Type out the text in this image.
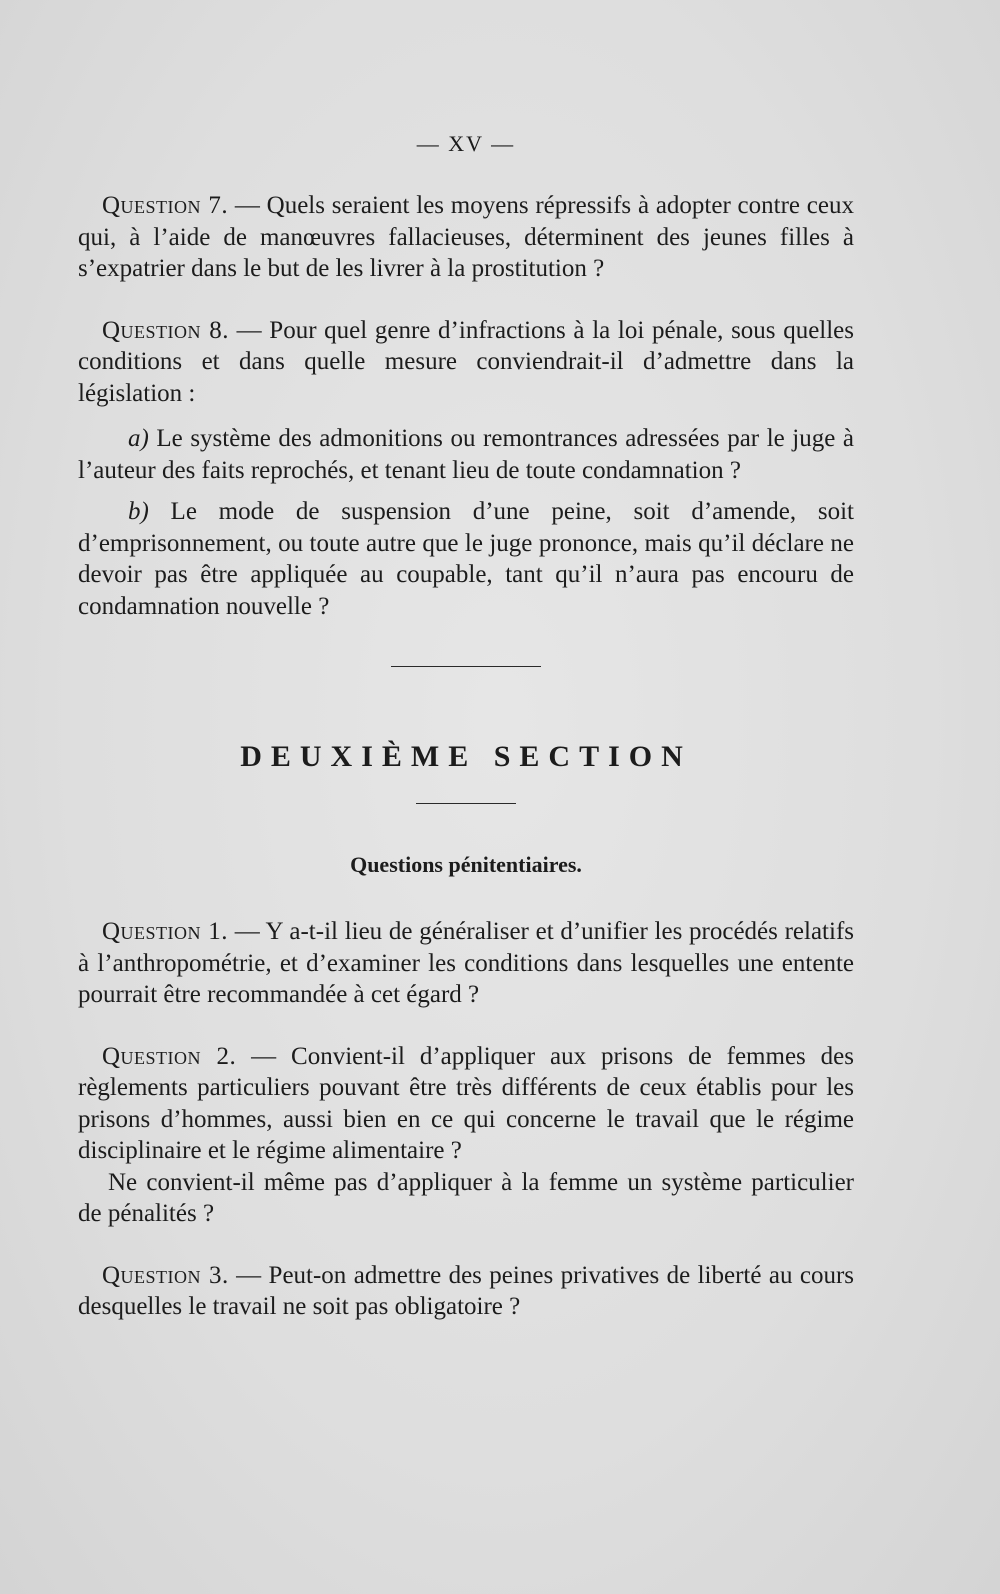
— XV —

Question 7. — Quels seraient les moyens répressifs à adopter contre ceux qui, à l’aide de manœuvres fallacieuses, déterminent des jeunes filles à s’expatrier dans le but de les livrer à la prostitution ?

Question 8. — Pour quel genre d’infractions à la loi pénale, sous quelles conditions et dans quelle mesure conviendrait-il d’admettre dans la législation :

a) Le système des admonitions ou remontrances adressées par le juge à l’auteur des faits reprochés, et tenant lieu de toute condamnation ?

b) Le mode de suspension d’une peine, soit d’amende, soit d’emprisonnement, ou toute autre que le juge prononce, mais qu’il déclare ne devoir pas être appliquée au coupable, tant qu’il n’aura pas encouru de condamnation nouvelle ?

DEUXIÈME SECTION
Questions pénitentiaires.

Question 1. — Y a-t-il lieu de généraliser et d’unifier les procédés relatifs à l’anthropométrie, et d’examiner les conditions dans lesquelles une entente pourrait être recommandée à cet égard ?

Question 2. — Convient-il d’appliquer aux prisons de femmes des règlements particuliers pouvant être très différents de ceux établis pour les prisons d’hommes, aussi bien en ce qui concerne le travail que le régime disciplinaire et le régime alimentaire ?

Ne convient-il même pas d’appliquer à la femme un système particulier de pénalités ?

Question 3. — Peut-on admettre des peines privatives de liberté au cours desquelles le travail ne soit pas obligatoire ?
